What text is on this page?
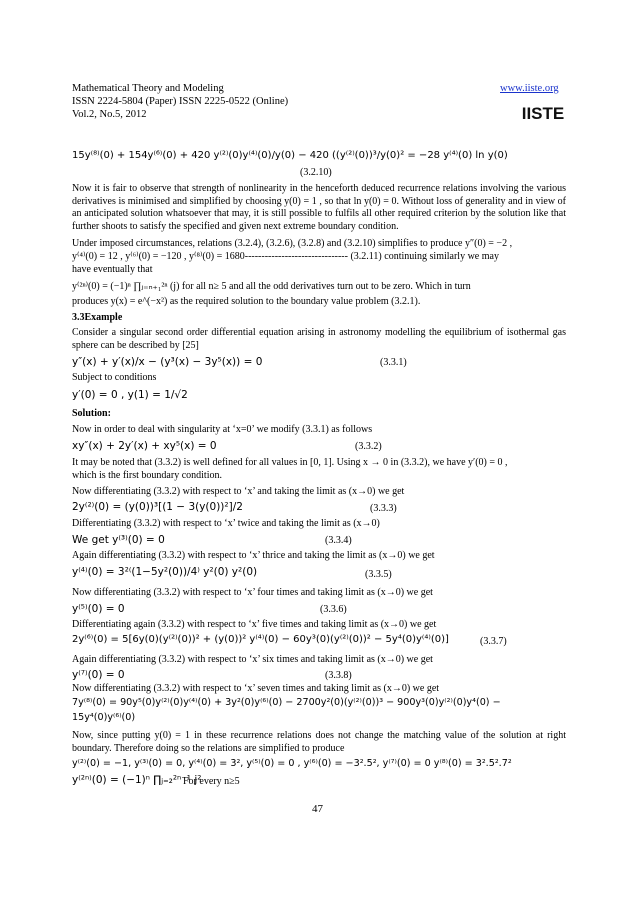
Mathematical Theory and Modeling
ISSN 2224-5804 (Paper) ISSN 2225-0522 (Online)
Vol.2, No.5, 2012
www.iiste.org
IISTE
15y⁽⁸⁾(0) + 154y⁽⁶⁾(0) + 420 y⁽²⁾(0)y⁽⁴⁾(0)/y(0) − 420 ((y⁽²⁾(0))³/y(0)² = −28 y⁽⁴⁾(0) ln y(0)
(3.2.10)
Now it is fair to observe that strength of nonlinearity in the henceforth deduced recurrence relations involving the various derivatives is minimised and simplified by choosing y(0) = 1 , so that ln y(0) = 0. Without loss of generality and in view of an anticipated solution whatsoever that may, it is still possible to fulfils all other required criterion by the solution like that further shoots to satisfy the specified and given next extreme boundary condition.
Under imposed circumstances, relations (3.2.4), (3.2.6), (3.2.8) and (3.2.10) simplifies to produce y″(0) = −2 ,
y⁽⁴⁾(0) = 12 , y⁽⁶⁾(0) = −120 , y⁽⁸⁾(0) = 1680------------------------------- (3.2.11) continuing similarly we may
have eventually that
y⁽²ⁿ⁾(0) = (−1)ⁿ ∏ⱼ₌ₙ₊₁²ⁿ (j) for all n≥ 5 and all the odd derivatives turn out to be zero. Which in turn
produces y(x) = e^(−x²) as the required solution to the boundary value problem (3.2.1).
3.3Example
Consider a singular second order differential equation arising in astronomy modelling the equilibrium of isothermal gas sphere can be described by [25]
y″(x) + y′(x)/x − (y³(x) − 3y⁵(x)) = 0	(3.3.1)
Subject to conditions
y′(0) = 0 , y(1) = 1/√2
Solution:
Now in order to deal with singularity at ‘x=0’ we modify (3.3.1) as follows
xy″(x) + 2y′(x) + xy⁵(x) = 0	(3.3.2)
It may be noted that (3.3.2) is well defined for all values in [0, 1]. Using x → 0 in (3.3.2), we have y′(0) = 0 ,
which is the first boundary condition.
Now differentiating (3.3.2) with respect to ‘x’ and taking the limit as (x→0) we get
2y⁽²⁾(0) = (y(0))³[(1 − 3(y(0))²]/2	(3.3.3)
Differentiating (3.3.2) with respect to ‘x’ twice and taking the limit as (x→0)
We get y⁽³⁾(0) = 0	(3.3.4)
Again differentiating (3.3.2) with respect to ‘x’ thrice and taking the limit as (x→0) we get
y⁽⁴⁾(0) = 3²⁽(1−5y²(0))/4⁾ y²(0) y²(0)	(3.3.5)
Now differentiating (3.3.2) with respect to ‘x’ four times and taking limit as (x→0) we get
y⁽⁵⁾(0) = 0	(3.3.6)
Differentiating again (3.3.2) with respect to ‘x’ five times and taking limit as (x→0) we get
2y⁽⁶⁾(0) = 5[6y(0)(y⁽²⁾(0))² + (y(0))² y⁽⁴⁾(0) − 60y³(0)(y⁽²⁾(0))² − 5y⁴(0)y⁽⁴⁾(0)]	(3.3.7)
Again differentiating (3.3.2) with respect to ‘x’ six times and taking limit as (x→0) we get
y⁽⁷⁾(0) = 0	(3.3.8)
Now differentiating (3.3.2) with respect to ‘x’ seven times and taking limit as (x→0) we get
7y⁽⁸⁾(0) = 90y⁵(0)y⁽²⁾(0)y⁽⁴⁾(0) + 3y²(0)y⁽⁶⁾(0) − 2700y²(0)(y⁽²⁾(0))³ − 900y³(0)y⁽²⁾(0)y⁴(0) −
15y⁴(0)y⁽⁶⁾(0)
Now, since putting y(0) = 1 in these recurrence relations does not change the matching value of the solution at right boundary. Therefore doing so the relations are simplified to produce
y⁽²⁾(0) = −1, y⁽³⁾(0) = 0, y⁽⁴⁾(0) = 3², y⁽⁵⁾(0) = 0 , y⁽⁶⁾(0) = −3².5², y⁽⁷⁾(0) = 0 y⁽⁸⁾(0) = 3².5².7²
y⁽²ⁿ⁾(0) = (−1)ⁿ ∏ⱼ₌₂²ⁿ⁻¹ j²
For every n≥5
47
